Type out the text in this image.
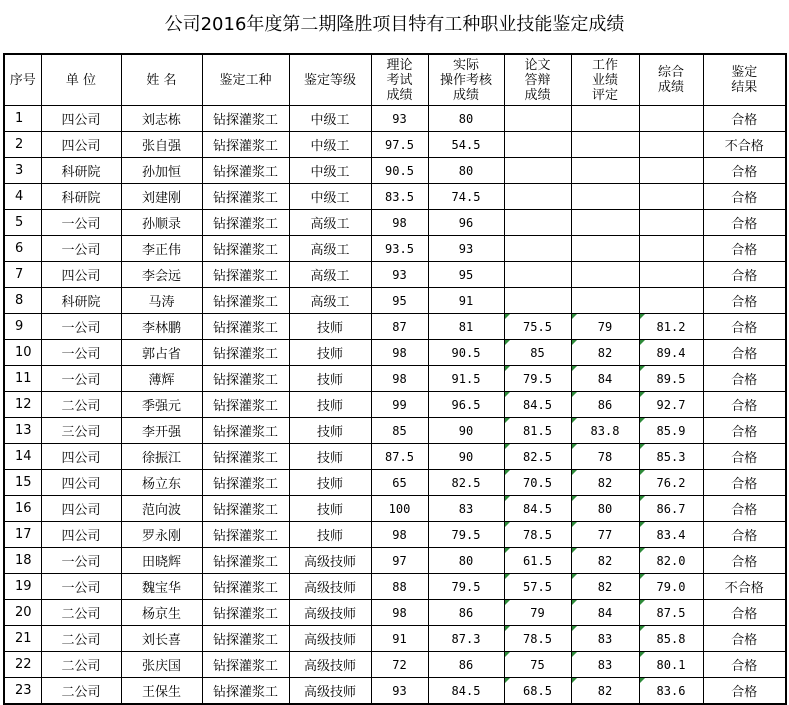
公司2016年度第二期隆胜项目特有工种职业技能鉴定成绩
序号	单 位	姓 名	鉴定工种	鉴定等级	理论
考试
成绩	实际
操作考核
成绩	论文
答辩
成绩	工作
业绩
评定	综合
成绩	鉴定
结果
1	四公司	刘志栋	钻探灌浆工	中级工	93	80				合格
2	四公司	张自强	钻探灌浆工	中级工	97.5	54.5				不合格
3	科研院	孙加恒	钻探灌浆工	中级工	90.5	80				合格
4	科研院	刘建刚	钻探灌浆工	中级工	83.5	74.5				合格
5	一公司	孙顺录	钻探灌浆工	高级工	98	96				合格
6	一公司	李正伟	钻探灌浆工	高级工	93.5	93				合格
7	四公司	李会远	钻探灌浆工	高级工	93	95				合格
8	科研院	马涛	钻探灌浆工	高级工	95	91				合格
9	一公司	李林鹏	钻探灌浆工	技师	87	81	75.5	79	81.2	合格
10	一公司	郭占省	钻探灌浆工	技师	98	90.5	85	82	89.4	合格
11	一公司	薄辉	钻探灌浆工	技师	98	91.5	79.5	84	89.5	合格
12	二公司	季强元	钻探灌浆工	技师	99	96.5	84.5	86	92.7	合格
13	三公司	李开强	钻探灌浆工	技师	85	90	81.5	83.8	85.9	合格
14	四公司	徐振江	钻探灌浆工	技师	87.5	90	82.5	78	85.3	合格
15	四公司	杨立东	钻探灌浆工	技师	65	82.5	70.5	82	76.2	合格
16	四公司	范向波	钻探灌浆工	技师	100	83	84.5	80	86.7	合格
17	四公司	罗永刚	钻探灌浆工	技师	98	79.5	78.5	77	83.4	合格
18	一公司	田晓辉	钻探灌浆工	高级技师	97	80	61.5	82	82.0	合格
19	一公司	魏宝华	钻探灌浆工	高级技师	88	79.5	57.5	82	79.0	不合格
20	二公司	杨京生	钻探灌浆工	高级技师	98	86	79	84	87.5	合格
21	二公司	刘长喜	钻探灌浆工	高级技师	91	87.3	78.5	83	85.8	合格
22	二公司	张庆国	钻探灌浆工	高级技师	72	86	75	83	80.1	合格
23	二公司	王保生	钻探灌浆工	高级技师	93	84.5	68.5	82	83.6	合格
